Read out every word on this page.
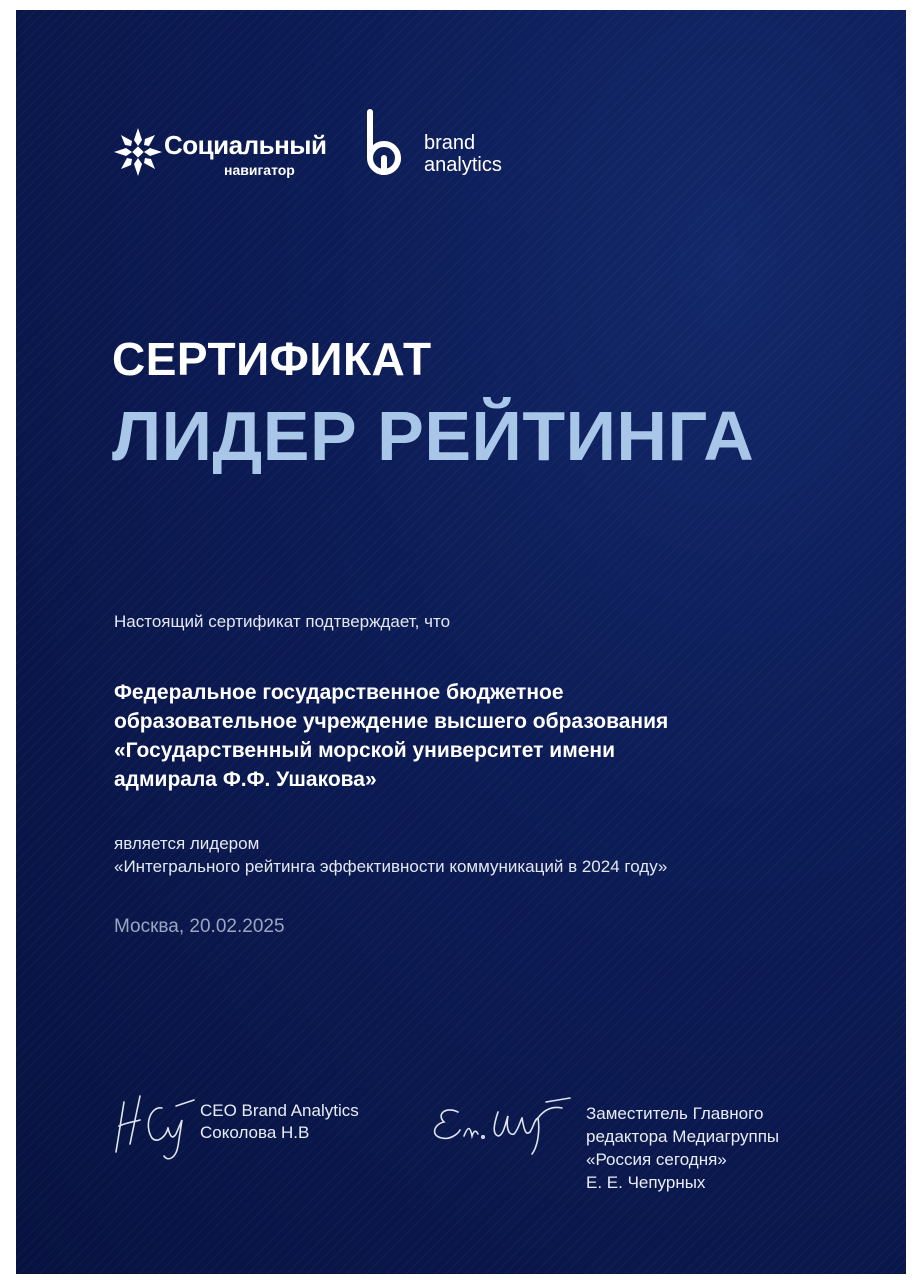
Социальный
навигатор
brand
analytics
СЕРТИФИКАТ
ЛИДЕР РЕЙТИНГА
Настоящий сертификат подтверждает, что
Федеральное государственное бюджетное
образовательное учреждение высшего образования
«Государственный морской университет имени
адмирала Ф.Ф. Ушакова»
является лидером
«Интегрального рейтинга эффективности коммуникаций в 2024 году»
Москва, 20.02.2025
CEO Brand Analytics
Соколова Н.В
Заместитель Главного
редактора Медиагруппы
«Россия сегодня»
Е. Е. Чепурных
